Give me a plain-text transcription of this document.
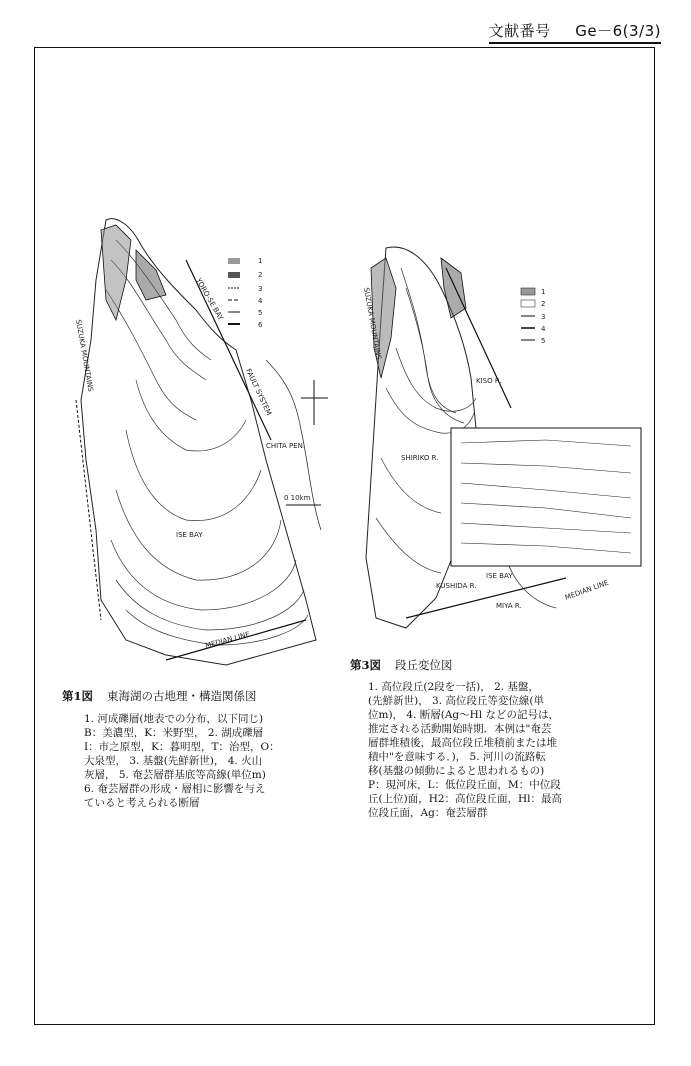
文献番号 Ge－6(3/3)
1
2
3
4
5
6
CHITA PEN.
ISE BAY
SUZUKA MOUNTAINS
YORO-SE BAY
FAULT SYSTEM
MEDIAN LINE
0 10km
1
2
3
4
5
KISO R.
SHIRIKO R.
KUSHIDA R.
MIYA R.
ISE BAY
MEDIAN LINE
SUZUKA MOUNTAINS
第1図 東海湖の古地理・構造関係図
1. 河成礫層(地表での分布，以下同じ)
B：美濃型，K：米野型， 2. 湖成礫層
I：市之原型，K：暮明型，T：治型，O：
大泉型， 3. 基盤(先鮮新世)， 4. 火山
灰層， 5. 奄芸層群基底等高線(単位m)
6. 奄芸層群の形成・層相に影響を与え
ていると考えられる断層
第3図 段丘変位図
1. 高位段丘(2段を一括)， 2. 基盤，
(先鮮新世)， 3. 高位段丘等変位線(単
位m)， 4. 断層(Ag～Hl などの記号は，
推定される活動開始時期．本例は"奄芸
層群堆積後，最高位段丘堆積前または堆
積中"を意味する．)， 5. 河川の流路転
移(基盤の傾動によると思われるもの)
P：現河床，L：低位段丘面，M：中位段
丘(上位)面，H2：高位段丘面，Hl：最高
位段丘面，Ag：奄芸層群
